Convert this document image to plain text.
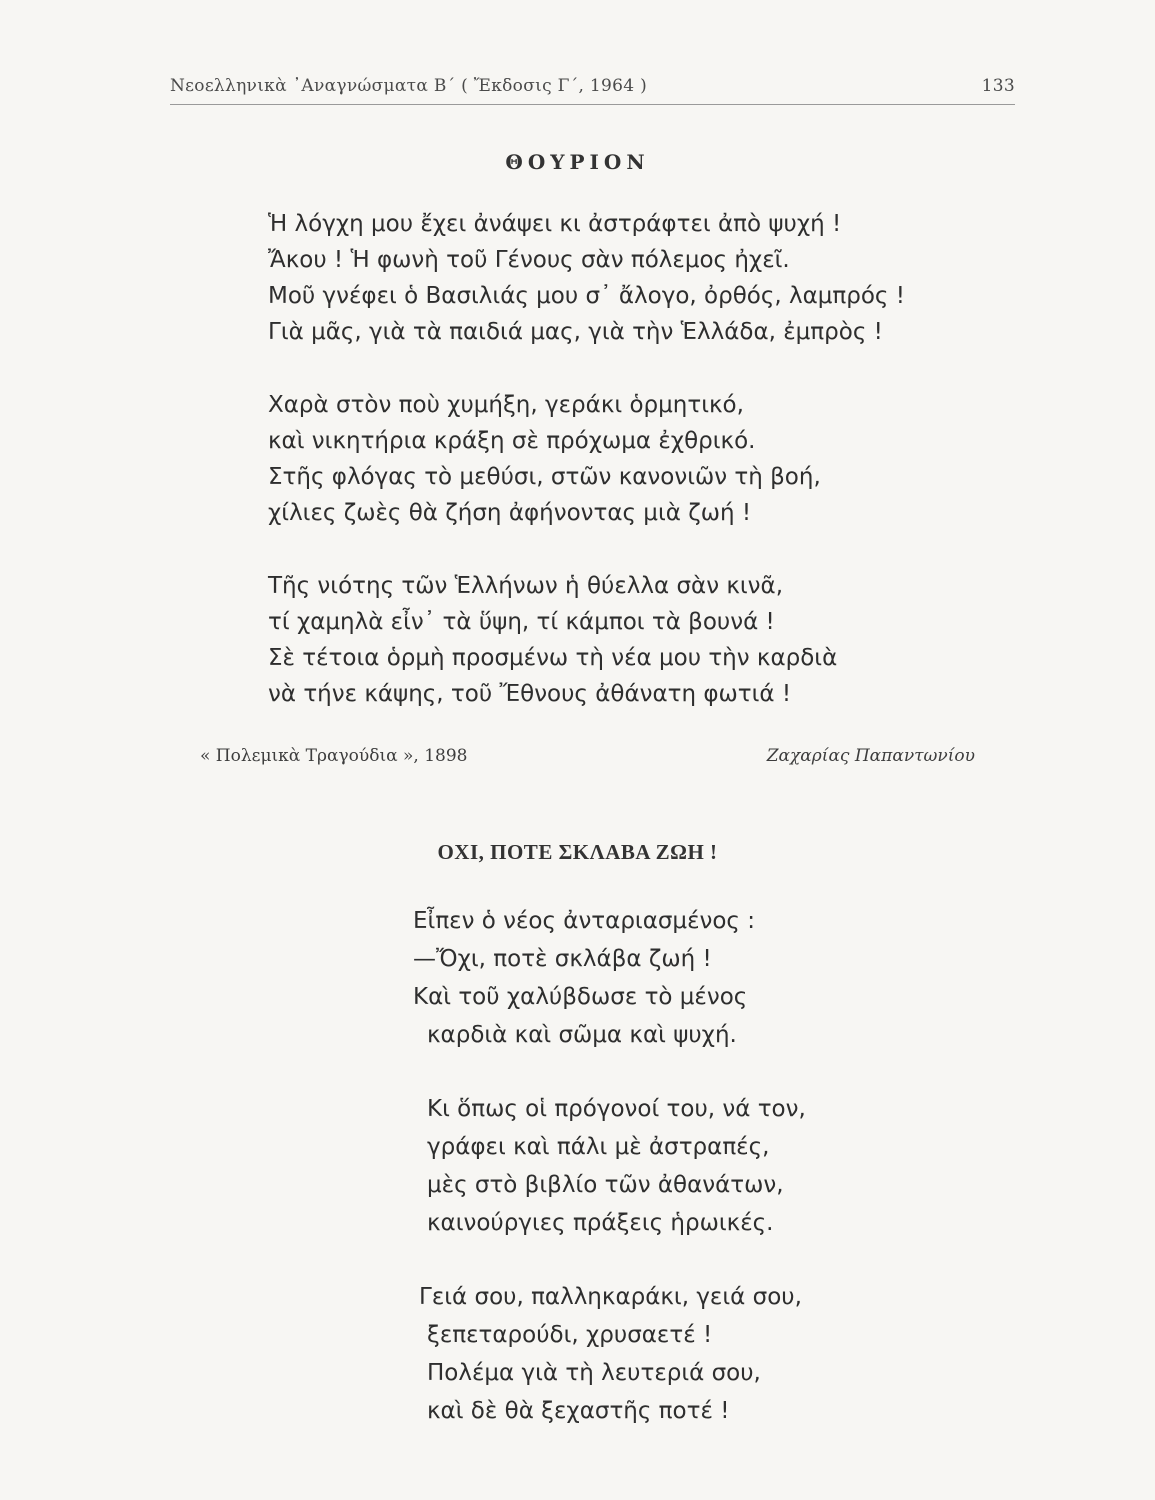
Νεοελληνικὰ ᾿Αναγνώσματα Β΄ ( Ἔκδοσις Γ΄, 1964 )	133
ΘΟΥΡΙΟΝ
Ἡ λόγχη μου ἔχει ἀνάψει κι ἀστράφτει ἀπὸ ψυχή !
Ἄκου ! Ἡ φωνὴ τοῦ Γένους σὰν πόλεμος ἠχεῖ.
Μοῦ γνέφει ὁ Βασιλιάς μου σ᾿ ἄλογο, ὀρθός, λαμπρός !
Γιὰ μᾶς, γιὰ τὰ παιδιά μας, γιὰ τὴν Ἑλλάδα, ἐμπρὸς !
Χαρὰ στὸν ποὺ χυμήξη, γεράκι ὁρμητικό,
καὶ νικητήρια κράξη σὲ πρόχωμα ἐχθρικό.
Στῆς φλόγας τὸ μεθύσι, στῶν κανονιῶν τὴ βοή,
χίλιες ζωὲς θὰ ζήση ἀφήνοντας μιὰ ζωή !
Τῆς νιότης τῶν Ἑλλήνων ἡ θύελλα σὰν κινᾶ,
τί χαμηλὰ εἶν᾿ τὰ ὕψη, τί κάμποι τὰ βουνά !
Σὲ τέτοια ὁρμὴ προσμένω τὴ νέα μου τὴν καρδιὰ
νὰ τήνε κάψης, τοῦ Ἔθνους ἀθάνατη φωτιά !
« Πολεμικὰ Τραγούδια », 1898	Ζαχαρίας Παπαντωνίου
ΟΧΙ, ΠΟΤΕ ΣΚΛΑΒΑ ΖΩΗ !
Εἶπεν ὁ νέος ἀνταριασμένος :
—Ὄχι, ποτὲ σκλάβα ζωή !
Καὶ τοῦ χαλύβδωσε τὸ μένος
καρδιὰ καὶ σῶμα καὶ ψυχή.
Κι ὅπως οἱ πρόγονοί του, νά τον,
γράφει καὶ πάλι μὲ ἀστραπές,
μὲς στὸ βιβλίο τῶν ἀθανάτων,
καινούργιες πράξεις ἡρωικές.
Γειά σου, παλληκαράκι, γειά σου,
ξεπεταρούδι, χρυσαετέ !
Πολέμα γιὰ τὴ λευτεριά σου,
καὶ δὲ θὰ ξεχαστῆς ποτέ !
